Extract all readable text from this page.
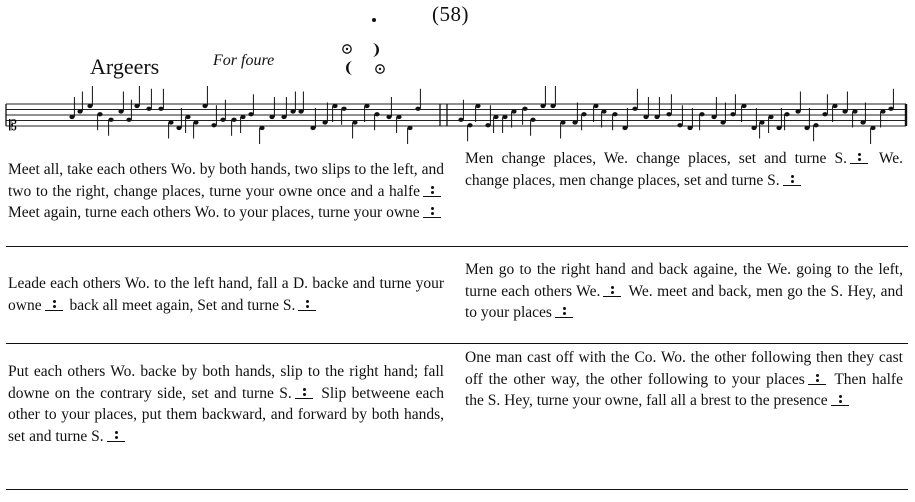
(58)
Argeers	For foure
𝄡
Meet all, take each others Wo. by both hands, two slips to the left, and two to the right, change places, turne your owne once and a halfe
Meet again, turne each others Wo. to your places, turne your owne
Men change places, We. change places, set and turne S. We. change places, men change places, set and turne S.
Leade each others Wo. to the left hand, fall a D. backe and turne your owne back all meet again, Set and turne S.
Men go to the right hand and back againe, the We. going to the left, turne each others We. We. meet and back, men go the S. Hey, and to your places
Put each others Wo. backe by both hands, slip to the right hand; fall downe on the contrary side, set and turne S. Slip betweene each other to your places, put them backward, and forward by both hands, set and turne S.
One man cast off with the Co. Wo. the other following then they cast off the other way, the other following to your places Then halfe the S. Hey, turne your owne, fall all a brest to the presence
